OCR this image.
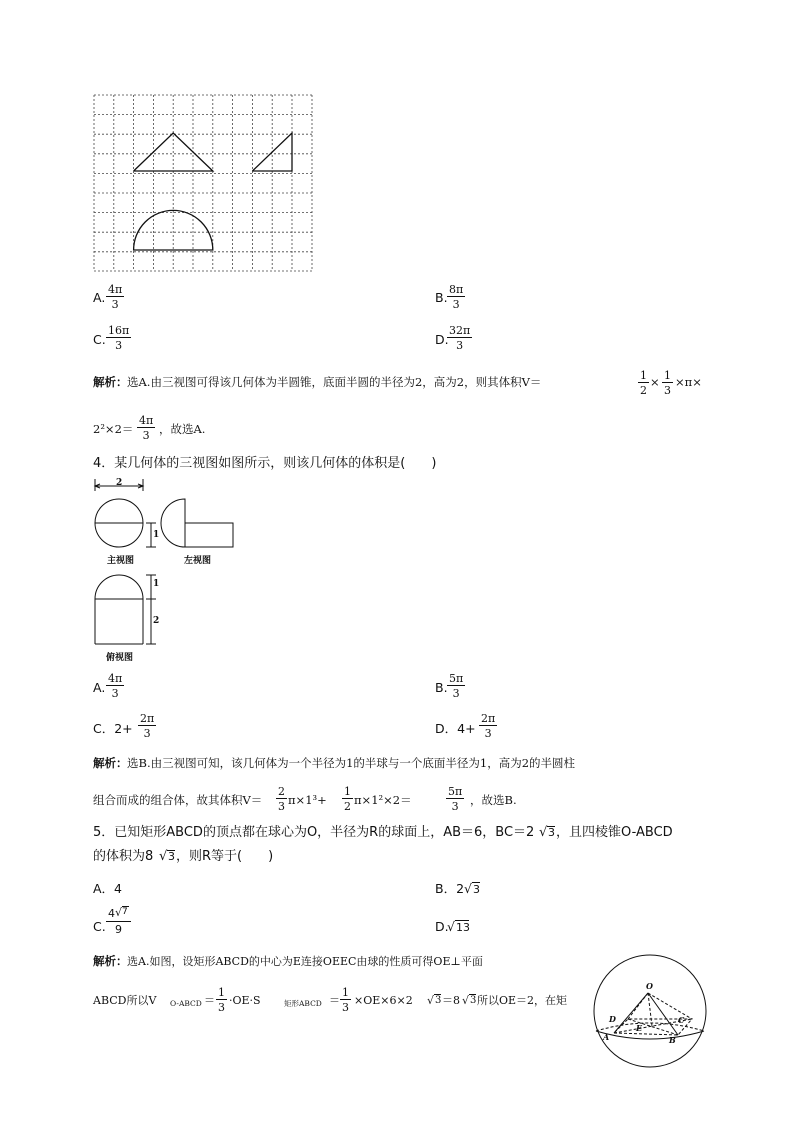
A. $\frac{4\pi}{3}$	B. $\frac{8\pi}{3}$
C. $\frac{16\pi}{3}$	D.
$\frac{32\pi}{3}$
解析： 选A.由三视图可得该几何体为半圆锥，底面半圆的半径为2，高为2，则其体积V＝	$\frac{1}{2} \times \frac{1}{3} \times\pi\times$
$2^2\times 2= \frac{4\pi}{3}$ ，故选A.
4．某几何体的三视图如图所示，则该几何体的体积是(　　)
2
1
主视图	左视图
1
2
俯视图
A. $\frac{4\pi}{3}$	B. $\frac{5\pi}{3}$
C．$2+ \frac{2\pi}{3}$	D．$4+ \frac{2\pi}{3}$
解析： 选B.由三视图可知，该几何体为一个半径为1的半球与一个底面半径为1，高为2的半圆柱
组合而成的组合体，故其体积$V= \frac{2}{3} \pi\times 1^3+ \frac{1}{2} \pi\times 1^2\times 2=$	$\frac{5\pi}{3}$ ，故选B.
5．已知矩形ABCD的顶点都在球心为O，半径为R的球面上，AB＝6，BC＝2 √ 3 ，且四棱锥O-ABCD
的体积为8 √ 3 ，则R等于(　　)
A．4	B．2 √ 3
C.
4 √ 7
9	D.
√ 13
解析： 选A.如图，设矩形ABCD的中心为E连接OEEC由球的性质可得OE⊥平面
ABCD所以V O-ABCD ＝ $\frac{1}{3} \cdot OE\cdot S$	矩形ABCD ＝ $\frac{1}{3} \times OE\times 6\times 2$ √ 3 ＝8 √ 3 所以OE＝2，在矩
O
D	C
E
A	B
